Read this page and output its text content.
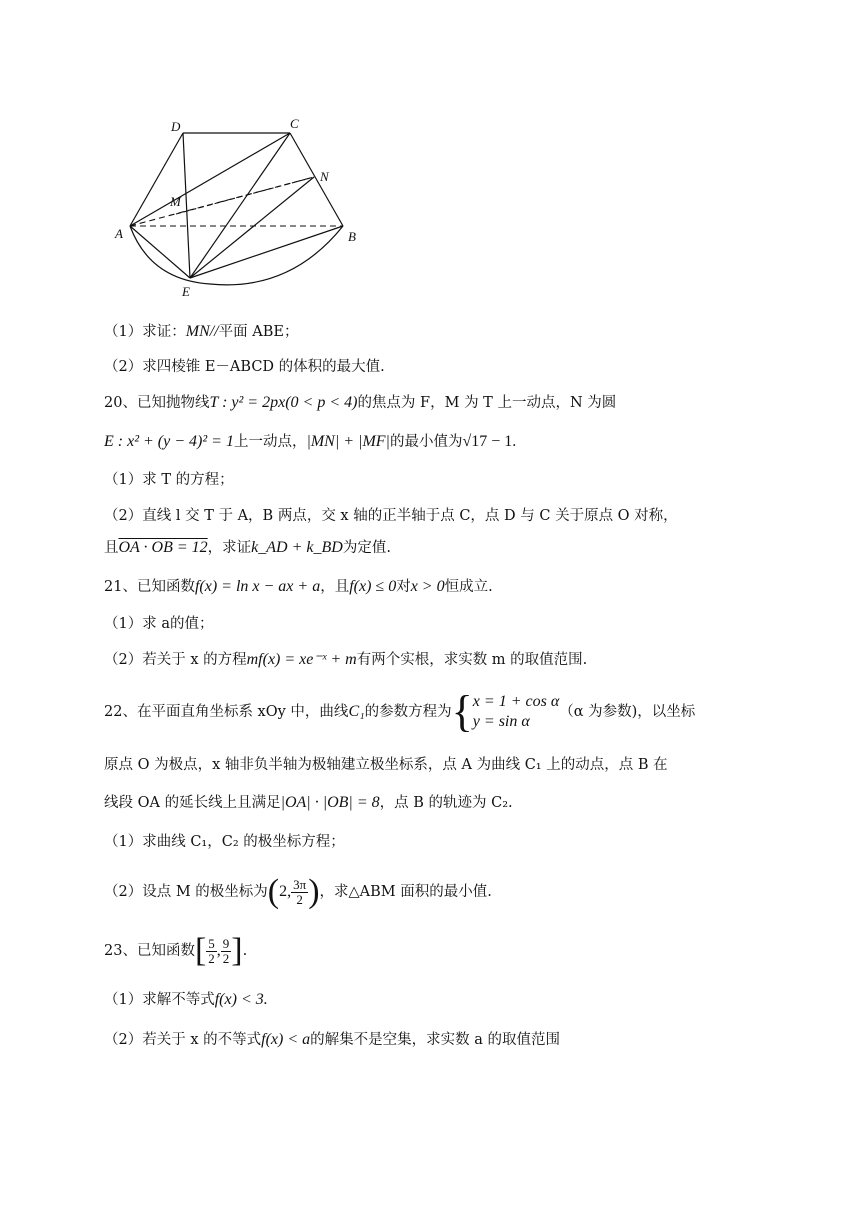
D	C
M
N
A	B
E
（1）求证：MN//平面 ABE；
（2）求四棱锥 E－ABCD 的体积的最大值.
20、已知抛物线T : y² = 2px(0 < p < 4)的焦点为 F，M 为 T 上一动点，N 为圆
E : x² + (y − 4)² = 1上一动点，|MN| + |MF|的最小值为√17 − 1.
（1）求 T 的方程；
（2）直线 l 交 T 于 A，B 两点，交 x 轴的正半轴于点 C，点 D 与 C 关于原点 O 对称，
且OA · OB = 12，求证k_AD + k_BD为定值.
21、已知函数f(x) = ln x − ax + a，且f(x) ≤ 0对x > 0恒成立.
（1）求 a的值；
（2）若关于 x 的方程mf(x) = xe⁻ˣ + m有两个实根，求实数 m 的取值范围.
22、在平面直角坐标系 xOy 中，曲线C₁的参数方程为{ x = 1 + cos α
y = sin α
（α 为参数)，以坐标
原点 O 为极点，x 轴非负半轴为极轴建立极坐标系，点 A 为曲线 C₁ 上的动点，点 B 在
线段 OA 的延长线上且满足|OA| · |OB| = 8，点 B 的轨迹为 C₂.
（1）求曲线 C₁，C₂ 的极坐标方程；
（2）设点 M 的极坐标为(2, $\frac{3\pi}{2}$ )，求△ABM 面积的最小值.
23、已知函数[ $\frac{5}{2}$ , $\frac{9}{2}$ ].
（1）求解不等式f(x) < 3.
（2）若关于 x 的不等式f(x) < a的解集不是空集，求实数 a 的取值范围
